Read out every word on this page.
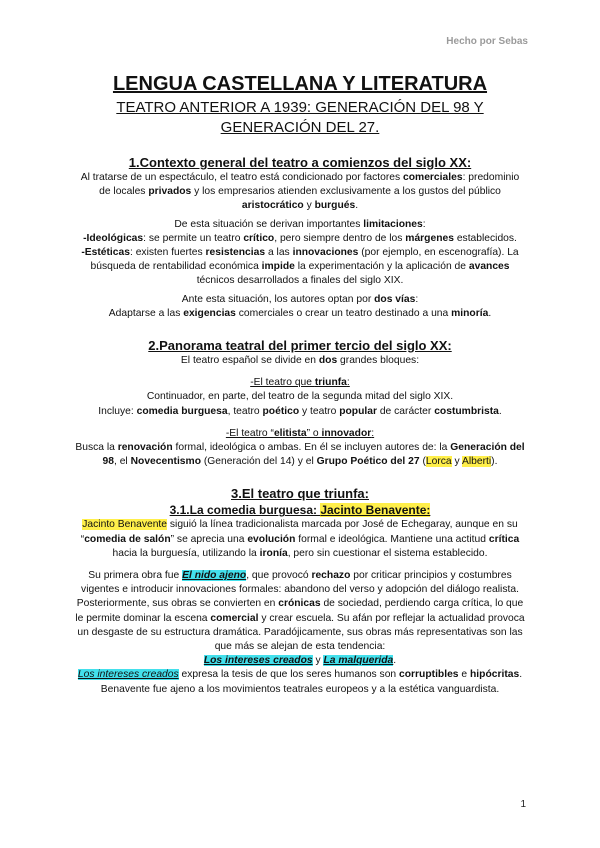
Hecho por Sebas
LENGUA CASTELLANA Y LITERATURA
TEATRO ANTERIOR A 1939: GENERACIÓN DEL 98 Y
GENERACIÓN DEL 27.
1.Contexto general del teatro a comienzos del siglo XX:

Al tratarse de un espectáculo, el teatro está condicionado por factores comerciales: predominio de locales privados y los empresarios atienden exclusivamente a los gustos del público aristocrático y burgués.

De esta situación se derivan importantes limitaciones:

-Ideológicas: se permite un teatro crítico, pero siempre dentro de los márgenes establecidos.

-Estéticas: existen fuertes resistencias a las innovaciones (por ejemplo, en escenografía). La búsqueda de rentabilidad económica impide la experimentación y la aplicación de avances técnicos desarrollados a finales del siglo XIX.

Ante esta situación, los autores optan por dos vías:

Adaptarse a las exigencias comerciales o crear un teatro destinado a una minoría.

2.Panorama teatral del primer tercio del siglo XX:

El teatro español se divide en dos grandes bloques:

-El teatro que triunfa:

Continuador, en parte, del teatro de la segunda mitad del siglo XIX.

Incluye: comedia burguesa, teatro poético y teatro popular de carácter costumbrista.

-El teatro “elitista” o innovador:

Busca la renovación formal, ideológica o ambas. En él se incluyen autores de: la Generación del 98, el Novecentismo (Generación del 14) y el Grupo Poético del 27 (Lorca y Alberti).

3.El teatro que triunfa:
3.1.La comedia burguesa: Jacinto Benavente:

Jacinto Benavente siguió la línea tradicionalista marcada por José de Echegaray, aunque en su “comedia de salón” se aprecia una evolución formal e ideológica. Mantiene una actitud crítica hacia la burguesía, utilizando la ironía, pero sin cuestionar el sistema establecido.

Su primera obra fue El nido ajeno, que provocó rechazo por criticar principios y costumbres vigentes e introducir innovaciones formales: abandono del verso y adopción del diálogo realista.

Posteriormente, sus obras se convierten en crónicas de sociedad, perdiendo carga crítica, lo que le permite dominar la escena comercial y crear escuela. Su afán por reflejar la actualidad provoca un desgaste de su estructura dramática. Paradójicamente, sus obras más representativas son las que más se alejan de esta tendencia:

Los intereses creados y La malquerida.

Los intereses creados expresa la tesis de que los seres humanos son corruptibles e hipócritas. Benavente fue ajeno a los movimientos teatrales europeos y a la estética vanguardista.

1
